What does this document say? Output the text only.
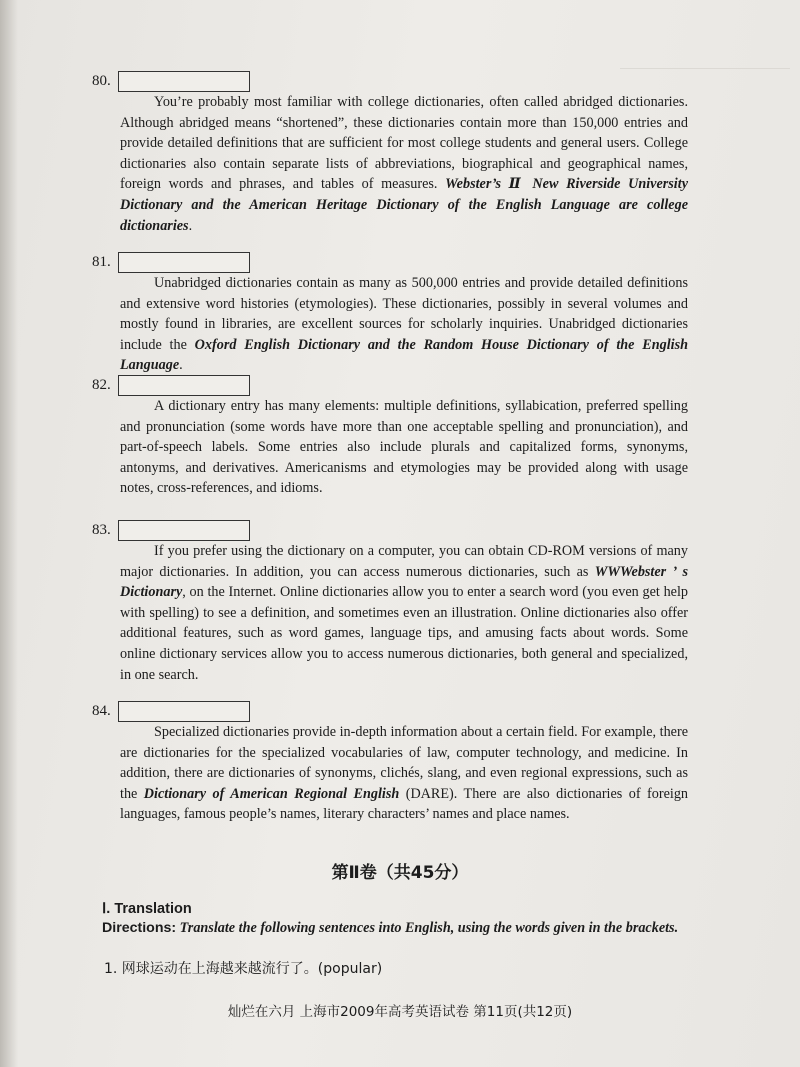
80.

You’re probably most familiar with college dictionaries, often called abridged dictionaries. Although abridged means “shortened”, these dictionaries contain more than 150,000 entries and provide detailed definitions that are sufficient for most college students and general users. College dictionaries also contain separate lists of abbreviations, biographical and geographical names, foreign words and phrases, and tables of measures. Webster’s Ⅱ New Riverside University Dictionary and the American Heritage Dictionary of the English Language are college dictionaries.

81.

Unabridged dictionaries contain as many as 500,000 entries and provide detailed definitions and extensive word histories (etymologies). These dictionaries, possibly in several volumes and mostly found in libraries, are excellent sources for scholarly inquiries. Unabridged dictionaries include the Oxford English Dictionary and the Random House Dictionary of the English Language.

82.

A dictionary entry has many elements: multiple definitions, syllabication, preferred spelling and pronunciation (some words have more than one acceptable spelling and pronunciation), and part-of-speech labels. Some entries also include plurals and capitalized forms, synonyms, antonyms, and derivatives. Americanisms and etymologies may be provided along with usage notes, cross-references, and idioms.

83.

If you prefer using the dictionary on a computer, you can obtain CD-ROM versions of many major dictionaries. In addition, you can access numerous dictionaries, such as WWWebster ’ s Dictionary, on the Internet. Online dictionaries allow you to enter a search word (you even get help with spelling) to see a definition, and sometimes even an illustration. Online dictionaries also offer additional features, such as word games, language tips, and amusing facts about words. Some online dictionary services allow you to access numerous dictionaries, both general and specialized, in one search.

84.

Specialized dictionaries provide in-depth information about a certain field. For example, there are dictionaries for the specialized vocabularies of law, computer technology, and medicine. In addition, there are dictionaries of synonyms, clichés, slang, and even regional expressions, such as the Dictionary of American Regional English (DARE). There are also dictionaries of foreign languages, famous people’s names, literary characters’ names and place names.

第Ⅱ卷（共45分）
Ⅰ. Translation
Directions: Translate the following sentences into English, using the words given in the brackets.
1. 网球运动在上海越来越流行了。(popular)
灿烂在六月 上海市2009年高考英语试卷 第11页(共12页)
